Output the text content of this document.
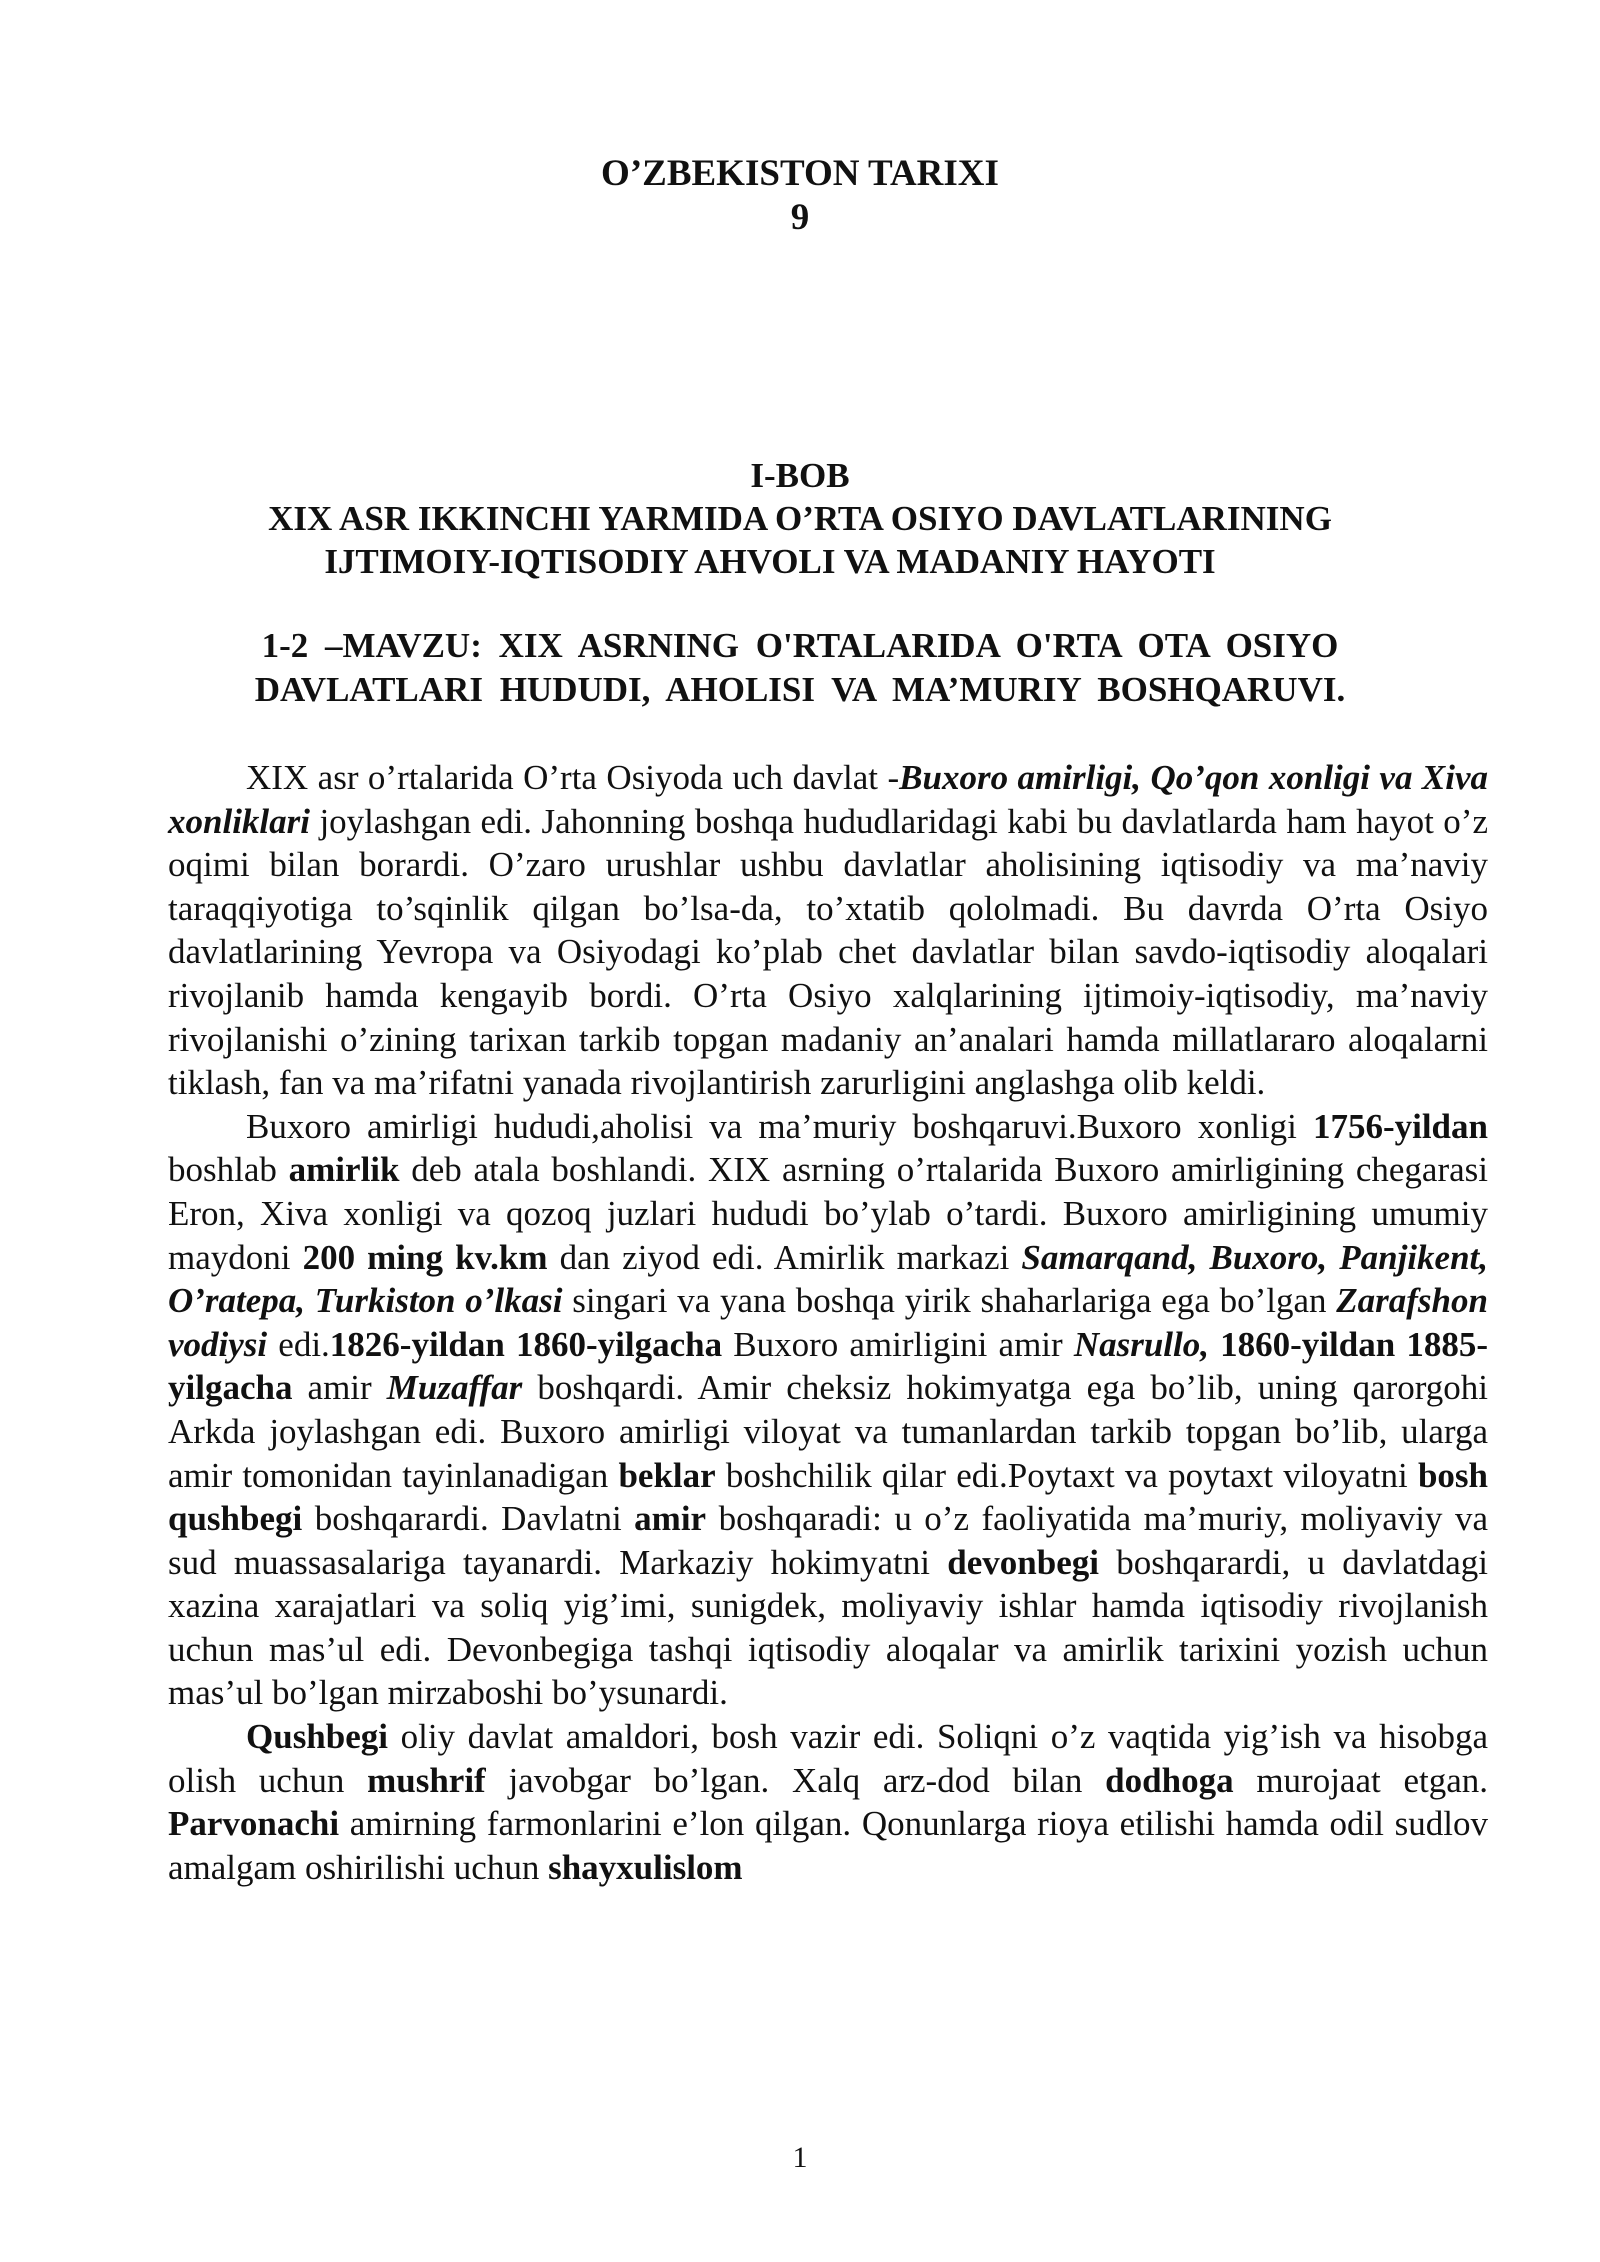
O’ZBEKISTON TARIXI
9
I-BOB
XIX ASR IKKINCHI YARMIDA O’RTA OSIYO DAVLATLARINING
IJTIMOIY-IQTISODIY AHVOLI VA MADANIY HAYOTI
1-2 –MAVZU: XIX ASRNING O'RTALARIDA O'RTA OTA OSIYO
DAVLATLARI HUDUDI, AHOLISI VA MA’MURIY BOSHQARUVI.

XIX asr o’rtalarida O’rta Osiyoda uch davlat -Buxoro amirligi, Qo’qon xonligi va Xiva xonliklari joylashgan edi. Jahonning boshqa hududlaridagi kabi bu davlatlarda ham hayot o’z oqimi bilan borardi. O’zaro urushlar ushbu davlatlar aholisining iqtisodiy va ma’naviy taraqqiyotiga to’sqinlik qilgan bo’lsa-da, to’xtatib qololmadi. Bu davrda O’rta Osiyo davlatlarining Yevropa va Osiyodagi ko’plab chet davlatlar bilan savdo-iqtisodiy aloqalari rivojlanib hamda kengayib bordi. O’rta Osiyo xalqlarining ijtimoiy-iqtisodiy, ma’naviy rivojlanishi o’zining tarixan tarkib topgan madaniy an’analari hamda millatlararo aloqalarni tiklash, fan va ma’rifatni yanada rivojlantirish zarurligini anglashga olib keldi.

Buxoro amirligi hududi,aholisi va ma’muriy boshqaruvi.Buxoro xonligi 1756-yildan boshlab amirlik deb atala boshlandi. XIX asrning o’rtalarida Buxoro amirligining chegarasi Eron, Xiva xonligi va qozoq juzlari hududi bo’ylab o’tardi. Buxoro amirligining umumiy maydoni 200 ming kv.km dan ziyod edi. Amirlik markazi Samarqand, Buxoro, Panjikent, O’ratepa, Turkiston o’lkasi singari va yana boshqa yirik shaharlariga ega bo’lgan Zarafshon vodiysi edi.1826-yildan 1860-yilgacha Buxoro amirligini amir Nasrullo, 1860-yildan 1885-yilgacha amir Muzaffar boshqardi. Amir cheksiz hokimyatga ega bo’lib, uning qarorgohi Arkda joylashgan edi. Buxoro amirligi viloyat va tumanlardan tarkib topgan bo’lib, ularga amir tomonidan tayinlanadigan beklar boshchilik qilar edi.Poytaxt va poytaxt viloyatni bosh qushbegi boshqarardi. Davlatni amir boshqaradi: u o’z faoliyatida ma’muriy, moliyaviy va sud muassasalariga tayanardi. Markaziy hokimyatni devonbegi boshqarardi, u davlatdagi xazina xarajatlari va soliq yig’imi, sunigdek, moliyaviy ishlar hamda iqtisodiy rivojlanish uchun mas’ul edi. Devonbegiga tashqi iqtisodiy aloqalar va amirlik tarixini yozish uchun mas’ul bo’lgan mirzaboshi bo’ysunardi.

Qushbegi oliy davlat amaldori, bosh vazir edi. Soliqni o’z vaqtida yig’ish va hisobga olish uchun mushrif javobgar bo’lgan. Xalq arz-dod bilan dodhoga murojaat etgan. Parvonachi amirning farmonlarini e’lon qilgan. Qonunlarga rioya etilishi hamda odil sudlov amalgam oshirilishi uchun shayxulislom

1
